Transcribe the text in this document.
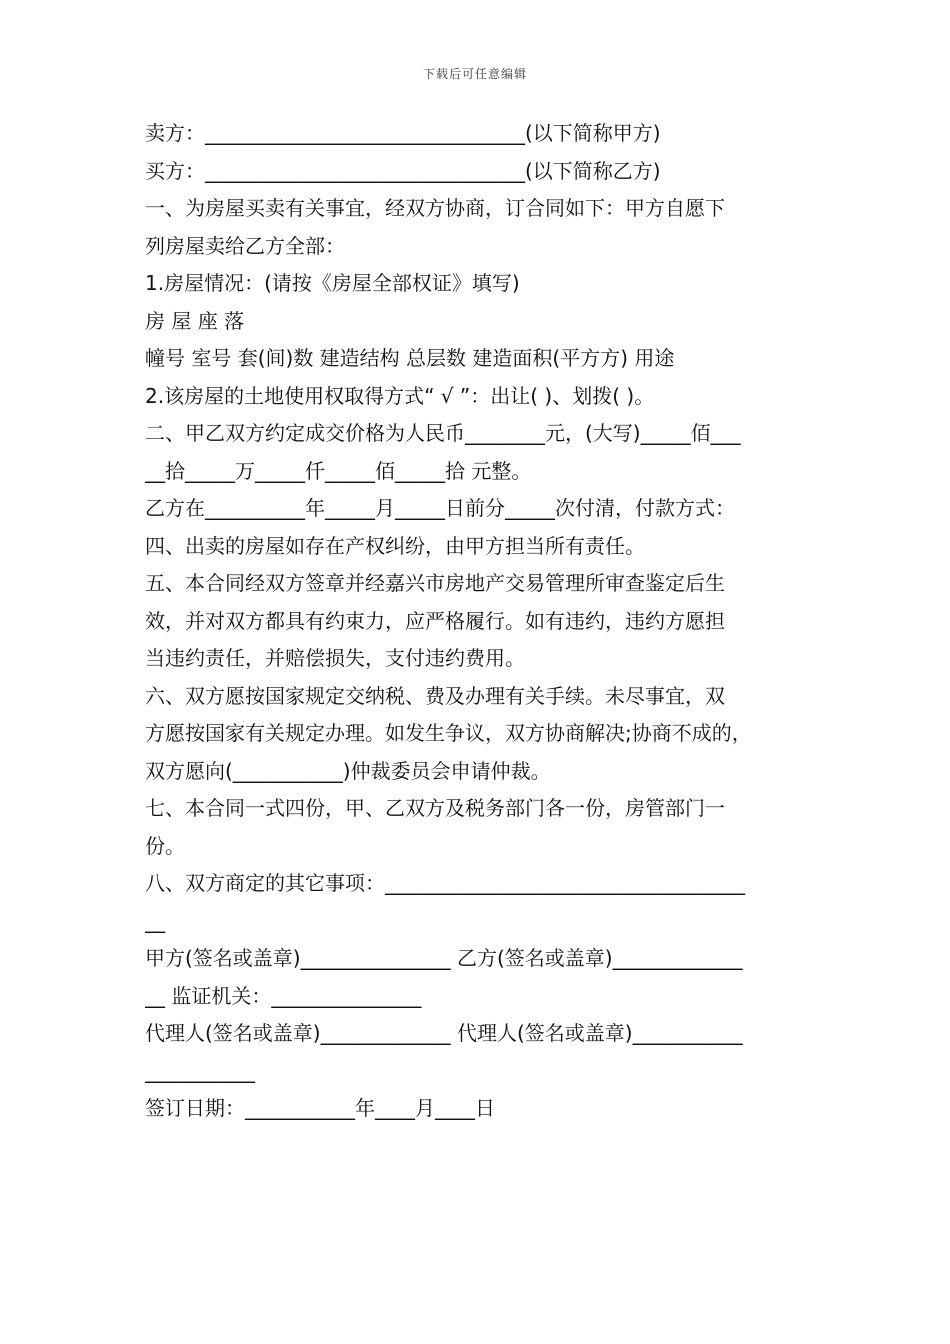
下载后可任意编辑
卖方：________________________________(以下简称甲方)
买方：________________________________(以下简称乙方)
一、为房屋买卖有关事宜，经双方协商，订合同如下：甲方自愿下
列房屋卖给乙方全部：
1.房屋情况：(请按《房屋全部权证》填写)
房 屋 座 落
幢号 室号 套(间)数 建造结构 总层数 建造面积(平方方) 用途
2.该房屋的土地使用权取得方式“ √ ”：出让( )、划拨( )。
二、甲乙双方约定成交价格为人民币________元，(大写)_____佰___
__拾_____万_____仟_____佰_____拾 元整。
乙方在__________年_____月_____日前分_____次付清，付款方式：
四、出卖的房屋如存在产权纠纷，由甲方担当所有责任。
五、本合同经双方签章并经嘉兴市房地产交易管理所审查鉴定后生
效，并对双方都具有约束力，应严格履行。如有违约，违约方愿担
当违约责任，并赔偿损失，支付违约费用。
六、双方愿按国家规定交纳税、费及办理有关手续。未尽事宜，双
方愿按国家有关规定办理。如发生争议，双方协商解决;协商不成的，
双方愿向(___________)仲裁委员会申请仲裁。
七、本合同一式四份，甲、乙双方及税务部门各一份，房管部门一
份。
八、双方商定的其它事项：____________________________________
__
甲方(签名或盖章)_______________ 乙方(签名或盖章)_____________
__ 监证机关：_______________
代理人(签名或盖章)_____________ 代理人(签名或盖章)___________
___________
签订日期：___________年____月____日
